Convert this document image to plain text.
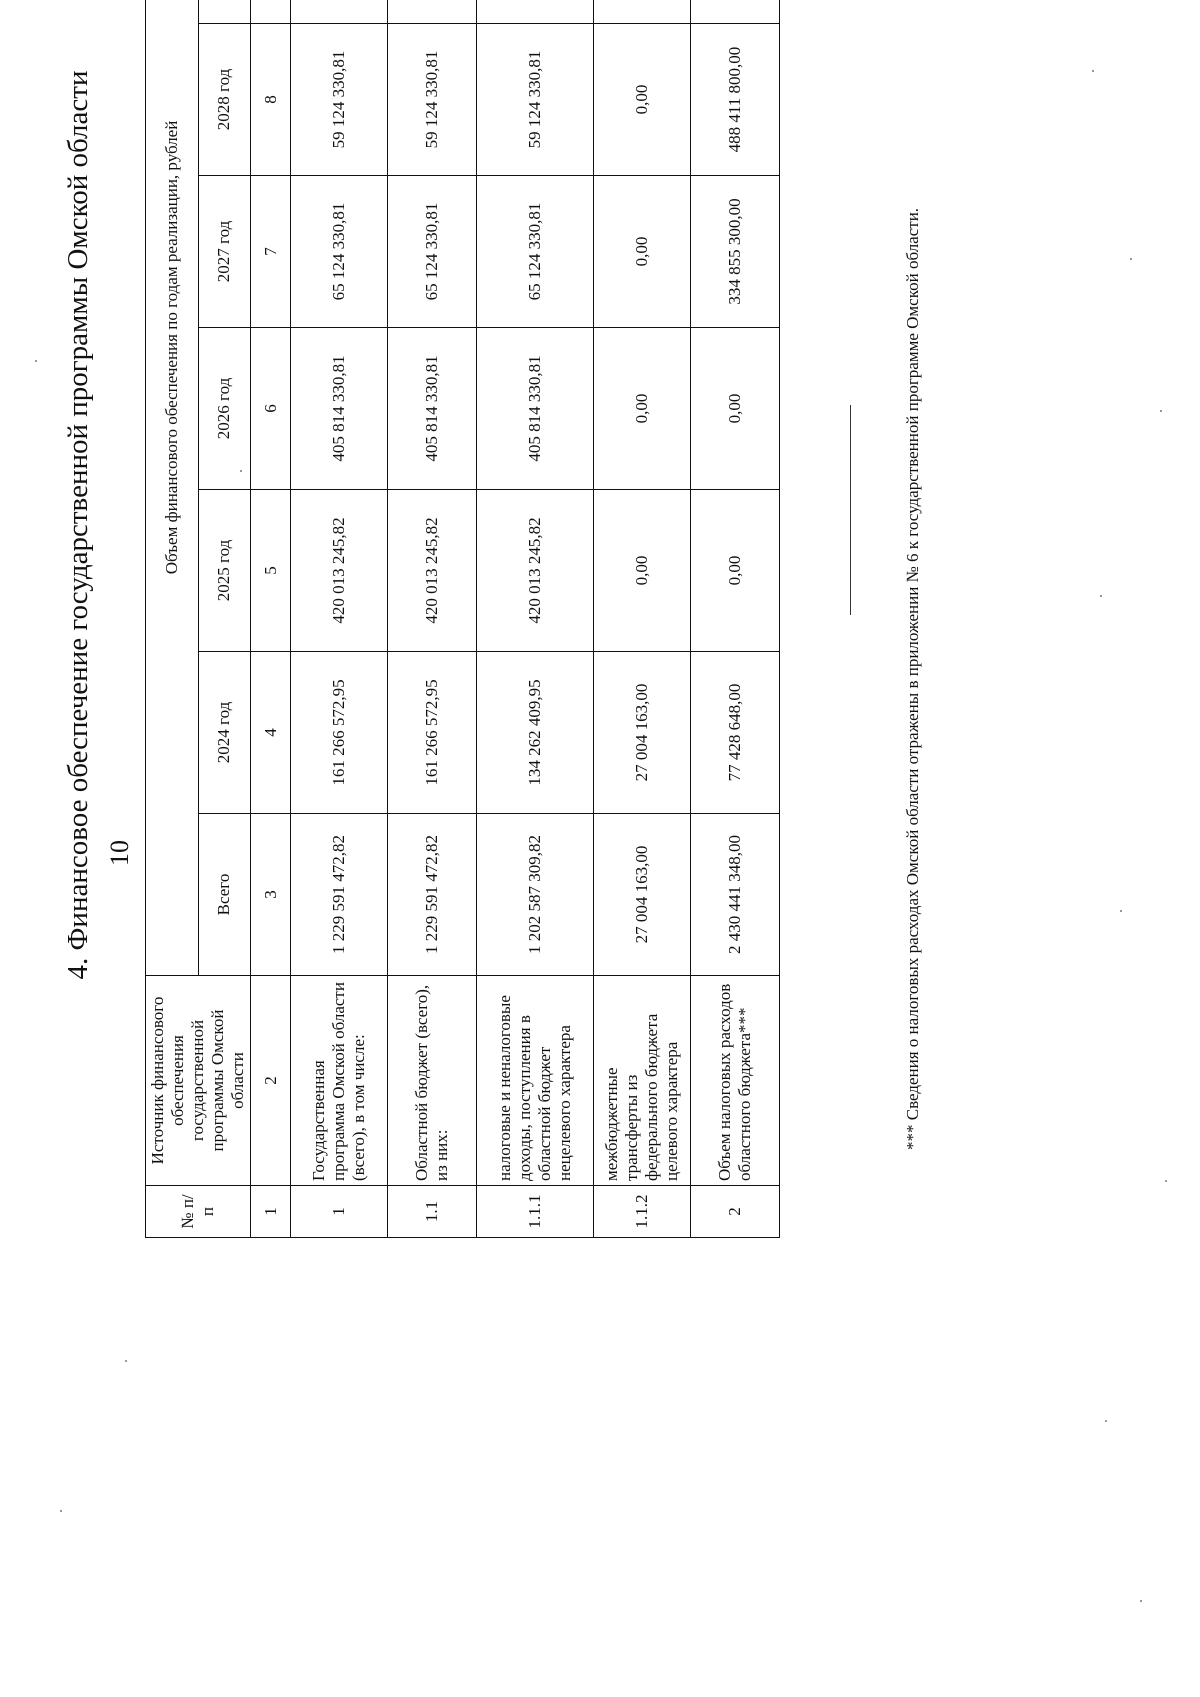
10
4. Финансовое обеспечение государственной программы Омской области
№ п/п	Источник финансового обеспечения государственной программы Омской области	Объем финансового обеспечения по годам реализации, рублей							
		Всего	2024 год	2025 год	2026 год	2027 год	2028 год		
1	2	3	4	5	6	7	8		
1	Государственная программа Омской области (всего), в том числе:	1 229 591 472,82	161 266 572,95	420 013 245,82	405 814 330,81	65 124 330,81	59 124 330,81		
1.1	Областной бюджет (всего), из них:	1 229 591 472,82	161 266 572,95	420 013 245,82	405 814 330,81	65 124 330,81	59 124 330,81		
1.1.1	налоговые и неналоговые доходы, поступления в областной бюджет нецелевого характера	1 202 587 309,82	134 262 409,95	420 013 245,82	405 814 330,81	65 124 330,81	59 124 330,81		
1.1.2	межбюджетные трансферты из федерального бюджета целевого характера	27 004 163,00	27 004 163,00	0,00	0,00	0,00	0,00		
2	Объем налоговых расходов областного бюджета***	2 430 441 348,00	77 428 648,00	0,00	0,00	334 855 300,00	488 411 800,00		
*** Сведения о налоговых расходах Омской области отражены в приложении № 6 к государственной программе Омской области.
